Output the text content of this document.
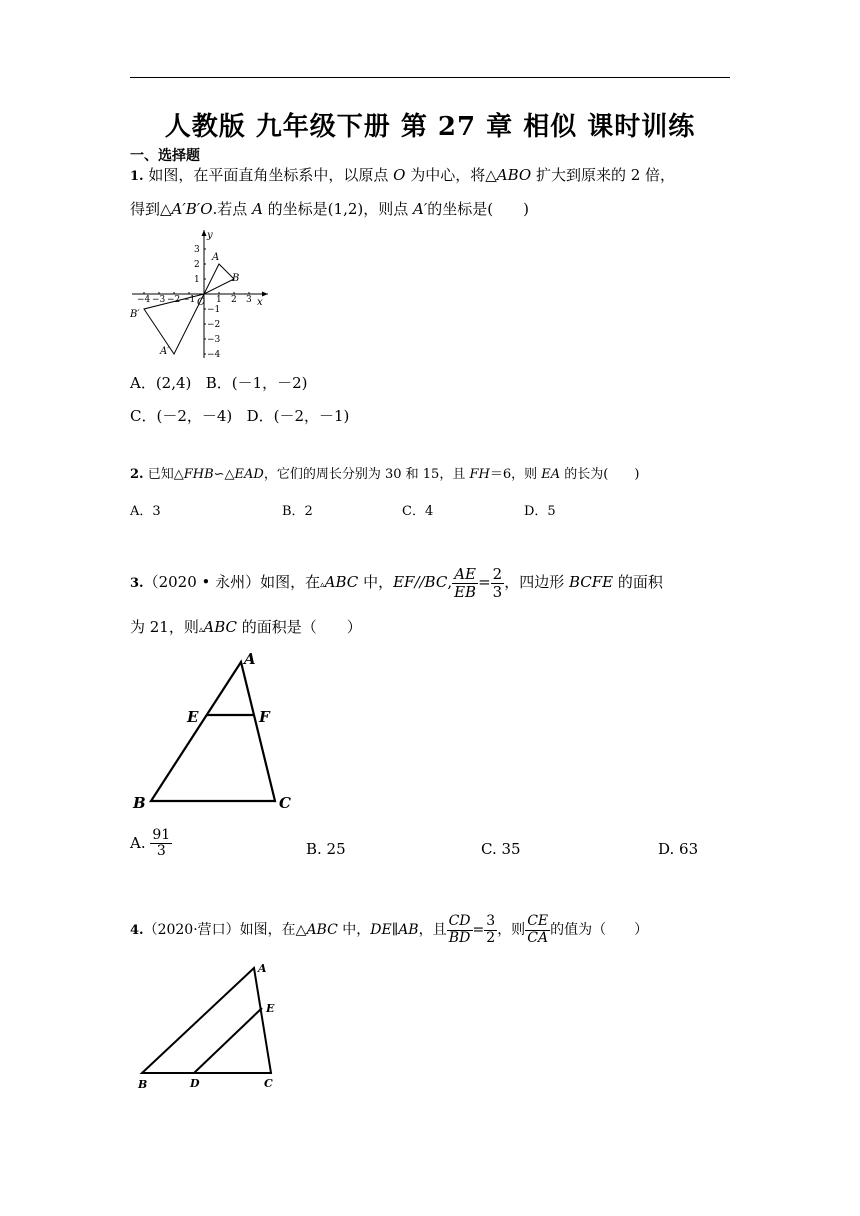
人教版 九年级下册 第 27 章 相似 课时训练
一、选择题
1. 如图，在平面直角坐标系中，以原点 O 为中心，将△ABO 扩大到原来的 2 倍，
得到△A′B′O.若点 A 的坐标是(1,2)，则点 A′的坐标是(　　)
y
x
O
A
B
B′
A′
3
2
1
−1
−2
−3
−4
−4 −3 −2 −1 1 2 3
A．(2,4) B．(－1，－2)
C．(－2，－4) D．(－2，－1)
2. 已知△FHB∽△EAD，它们的周长分别为 30 和 15，且 FH＝6，则 EA 的长为(　　)
A．3	B．2	C．4	D．5
3.（2020 • 永州）如图，在▵ABC 中，EF//BC, $\frac{AE}{EB} = \frac{2}{3}$ ，四边形 BCFE 的面积
为 21，则▵ABC 的面积是（　　）
A
E	F
B	C
A. $\frac{91}{3}$	B. 25	C. 35	D. 63
4.（2020·营口）如图，在△ABC 中，DE∥AB，且 $\frac{CD}{BD} = \frac{3}{2}$ ，则 $\frac{CE}{CA}$ 的值为（　　）
A
E
B	D	C
